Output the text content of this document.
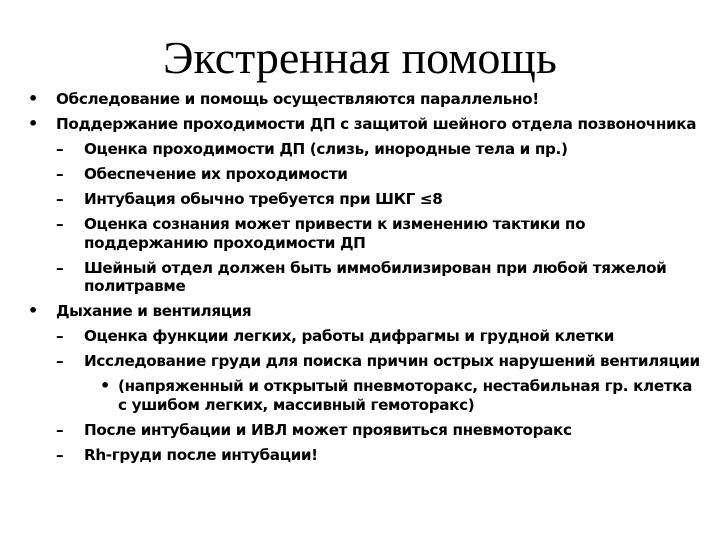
Экстренная помощь
• Обследование и помощь осуществляются параллельно!
• Поддержание проходимости ДП с защитой шейного отдела позвоночника
– Оценка проходимости ДП (слизь, инородные тела и пр.)
– Обеспечение их проходимости
– Интубация обычно требуется при ШКГ ≤8
– Оценка сознания может привести к изменению тактики по поддержанию проходимости ДП
– Шейный отдел должен быть иммобилизирован при любой тяжелой политравме
• Дыхание и вентиляция
– Оценка функции легких, работы дифрагмы и грудной клетки
– Исследование груди для поиска причин острых нарушений вентиляции
• (напряженный и открытый пневмоторакс, нестабильная гр. клетка с ушибом легких, массивный гемоторакс)
– После интубации и ИВЛ может проявиться пневмоторакс
– Rh-груди после интубации!
